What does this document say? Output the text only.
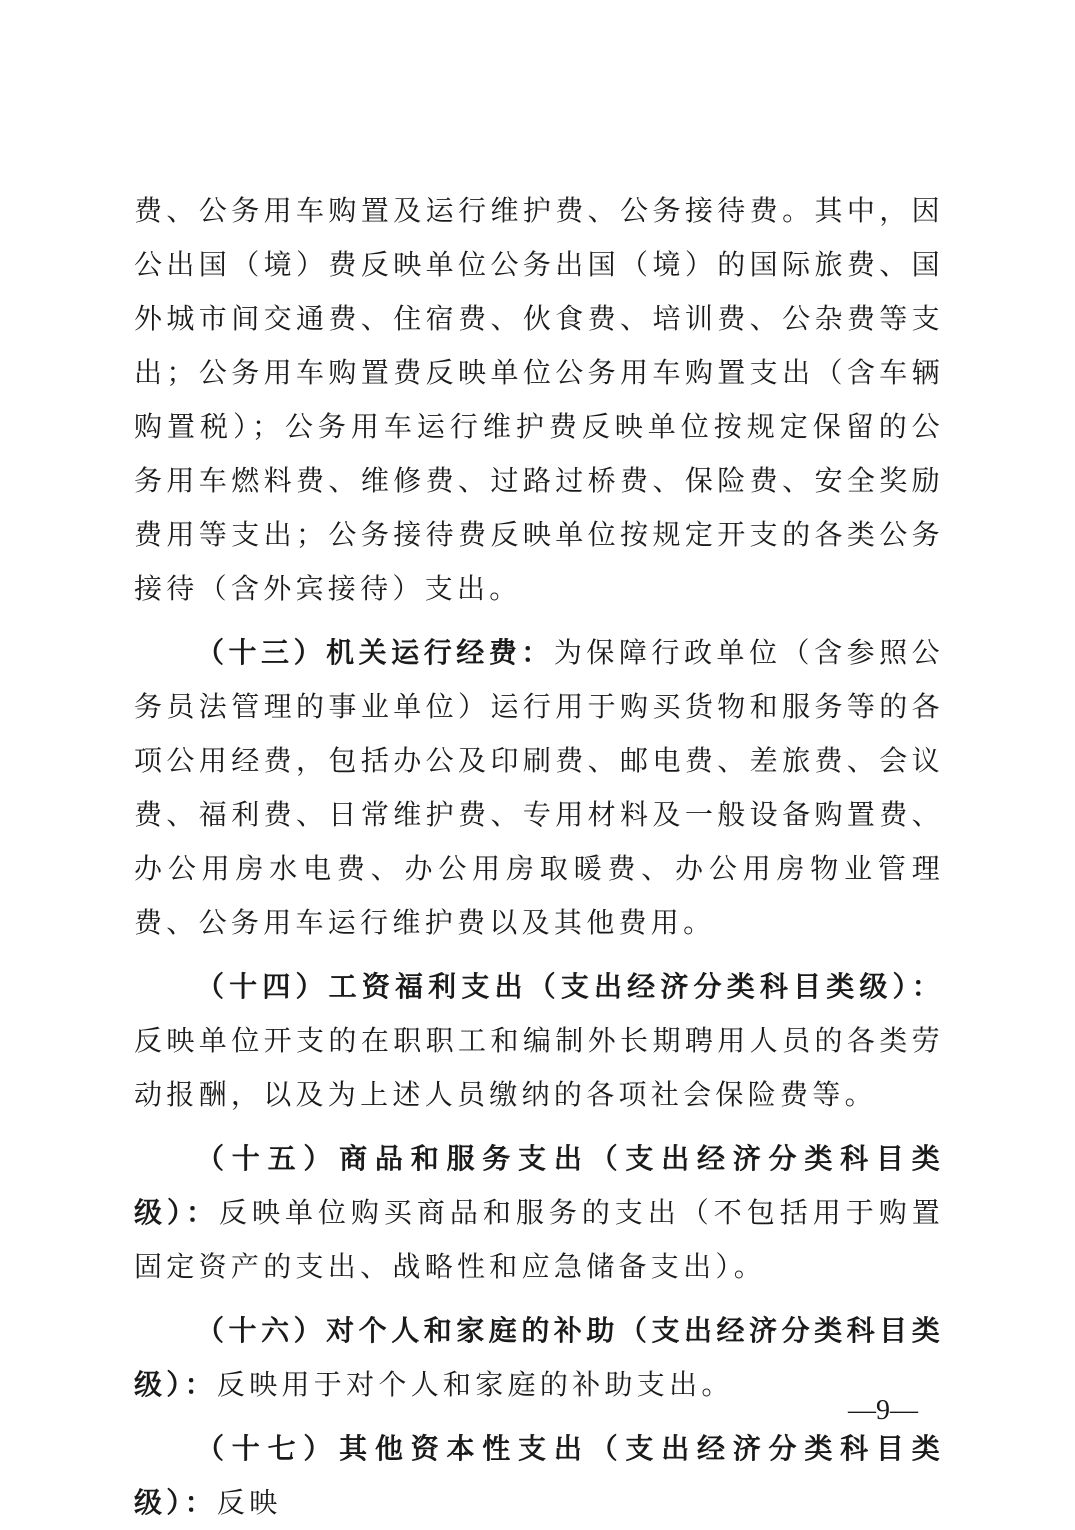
费、公务用车购置及运行维护费、公务接待费。其中，因公出国（境）费反映单位公务出国（境）的国际旅费、国外城市间交通费、住宿费、伙食费、培训费、公杂费等支出；公务用车购置费反映单位公务用车购置支出（含车辆购置税）；公务用车运行维护费反映单位按规定保留的公务用车燃料费、维修费、过路过桥费、保险费、安全奖励费用等支出；公务接待费反映单位按规定开支的各类公务接待（含外宾接待）支出。

（十三）机关运行经费：为保障行政单位（含参照公务员法管理的事业单位）运行用于购买货物和服务等的各项公用经费，包括办公及印刷费、邮电费、差旅费、会议费、福利费、日常维护费、专用材料及一般设备购置费、办公用房水电费、办公用房取暖费、办公用房物业管理费、公务用车运行维护费以及其他费用。

（十四）工资福利支出（支出经济分类科目类级）：反映单位开支的在职职工和编制外长期聘用人员的各类劳动报酬，以及为上述人员缴纳的各项社会保险费等。

（十五）商品和服务支出（支出经济分类科目类级）：反映单位购买商品和服务的支出（不包括用于购置固定资产的支出、战略性和应急储备支出）。

（十六）对个人和家庭的补助（支出经济分类科目类级）：反映用于对个人和家庭的补助支出。

（十七）其他资本性支出（支出经济分类科目类级）：反映

—9—
